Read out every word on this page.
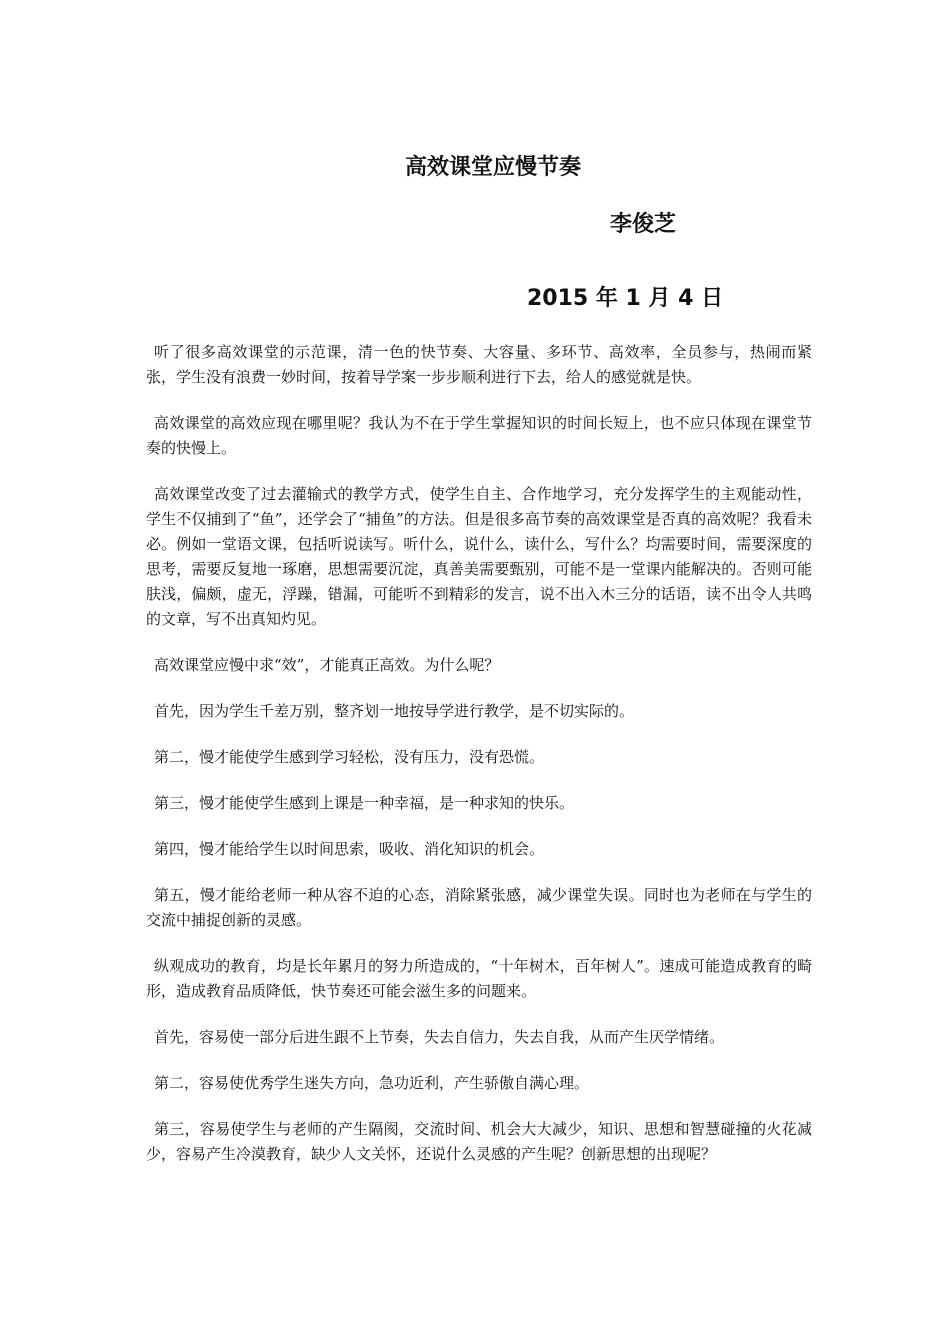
高效课堂应慢节奏
李俊芝
2015 年 1 月 4 日

听了很多高效课堂的示范课，清一色的快节奏、大容量、多环节、高效率，全员参与，热闹而紧张，学生没有浪费一妙时间，按着导学案一步步顺利进行下去，给人的感觉就是快。

高效课堂的高效应现在哪里呢？我认为不在于学生掌握知识的时间长短上，也不应只体现在课堂节奏的快慢上。

高效课堂改变了过去灌输式的教学方式，使学生自主、合作地学习，充分发挥学生的主观能动性，学生不仅捕到了“鱼”，还学会了“捕鱼”的方法。但是很多高节奏的高效课堂是否真的高效呢？我看未必。例如一堂语文课，包括听说读写。听什么，说什么，读什么，写什么？均需要时间，需要深度的思考，需要反复地一琢磨，思想需要沉淀，真善美需要甄别，可能不是一堂课内能解决的。否则可能肤浅，偏颇，虚无，浮躁，错漏，可能听不到精彩的发言，说不出入木三分的话语，读不出令人共鸣的文章，写不出真知灼见。

高效课堂应慢中求“效”，才能真正高效。为什么呢？

首先，因为学生千差万别，整齐划一地按导学进行教学，是不切实际的。

第二，慢才能使学生感到学习轻松，没有压力，没有恐慌。

第三，慢才能使学生感到上课是一种幸福，是一种求知的快乐。

第四，慢才能给学生以时间思索，吸收、消化知识的机会。

第五，慢才能给老师一种从容不迫的心态，消除紧张感，减少课堂失误。同时也为老师在与学生的交流中捕捉创新的灵感。

纵观成功的教育，均是长年累月的努力所造成的，“十年树木，百年树人”。速成可能造成教育的畸形，造成教育品质降低，快节奏还可能会滋生多的问题来。

首先，容易使一部分后进生跟不上节奏，失去自信力，失去自我，从而产生厌学情绪。

第二，容易使优秀学生迷失方向，急功近利，产生骄傲自满心理。

第三，容易使学生与老师的产生隔阂，交流时间、机会大大减少，知识、思想和智慧碰撞的火花减少，容易产生冷漠教育，缺少人文关怀，还说什么灵感的产生呢？创新思想的出现呢？
